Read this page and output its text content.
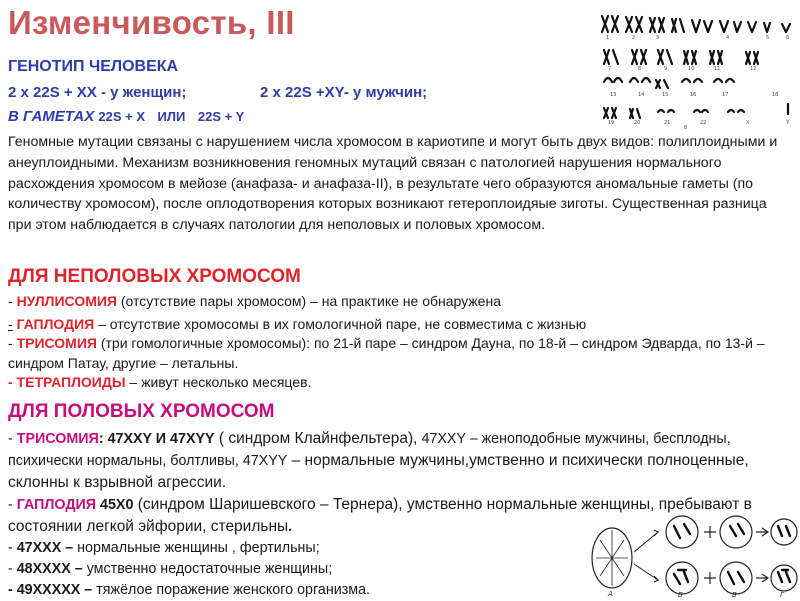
Изменчивость, III	1	2	3	4	5	6
7	8	9	10	11	12
13	14	15	16	17	18
19	20	21	22	X
8
Y
ГЕНОТИП ЧЕЛОВЕКА
2 х 22S + XX - у женщин;	2 х 22S +XY- у мужчин;
В ГАМЕТАХ 22S + X ИЛИ 22S + Y
Геномные мутации связаны с нарушением числа хромосом в кариотипе и могут быть двух видов: полиплоидными и анеуплоидными. Механизм возникновения геномных мутаций связан с патологией нарушения нормального расхождения хромосом в мейозе (анафаза- и анафаза-II), в результате чего образуются аномальные гаметы (по количеству хромосом), после оплодотворения которых возникают гетероплоидяые зиготы. Существенная разница при этом наблюдается в случаях патологии для неполовых и половых хромосом.
ДЛЯ НЕПОЛОВЫХ ХРОМОСОМ
- НУЛЛИСОМИЯ (отсутствие пары хромосом) – на практике не обнаружена
- ГАПЛОДИЯ – отсутствие хромосомы в их гомологичной паре, не совместима с жизнью
- ТРИСОМИЯ (три гомологичные хромосомы): по 21-й паре – синдром Дауна, по 18-й – синдром Эдварда, по 13-й – синдром Патау, другие – летальны.
- ТЕТРАПЛОИДЫ – живут несколько месяцев.
ДЛЯ ПОЛОВЫХ ХРОМОСОМ
- ТРИСОМИЯ: 47XXY И 47XYY ( синдром Клайнфельтера), 47XXY – женоподобные мужчины, бесплодны, психически нормальны, болтливы, 47XYY – нормальные мужчины,умственно и психически полноценные, склонны к взрывной агрессии.
- ГАПЛОДИЯ 45X0 (синдром Шаришевского – Тернера), умственно нормальные женщины, пребывают в состоянии легкой эйфории, стерильны.
- 47XXX – нормальные женщины , фертильны;
- 48XXXX – умственно недостаточные женщины;
- 49XXXXX – тяжёлое поражение женского организма.	A	Б	В	Г
